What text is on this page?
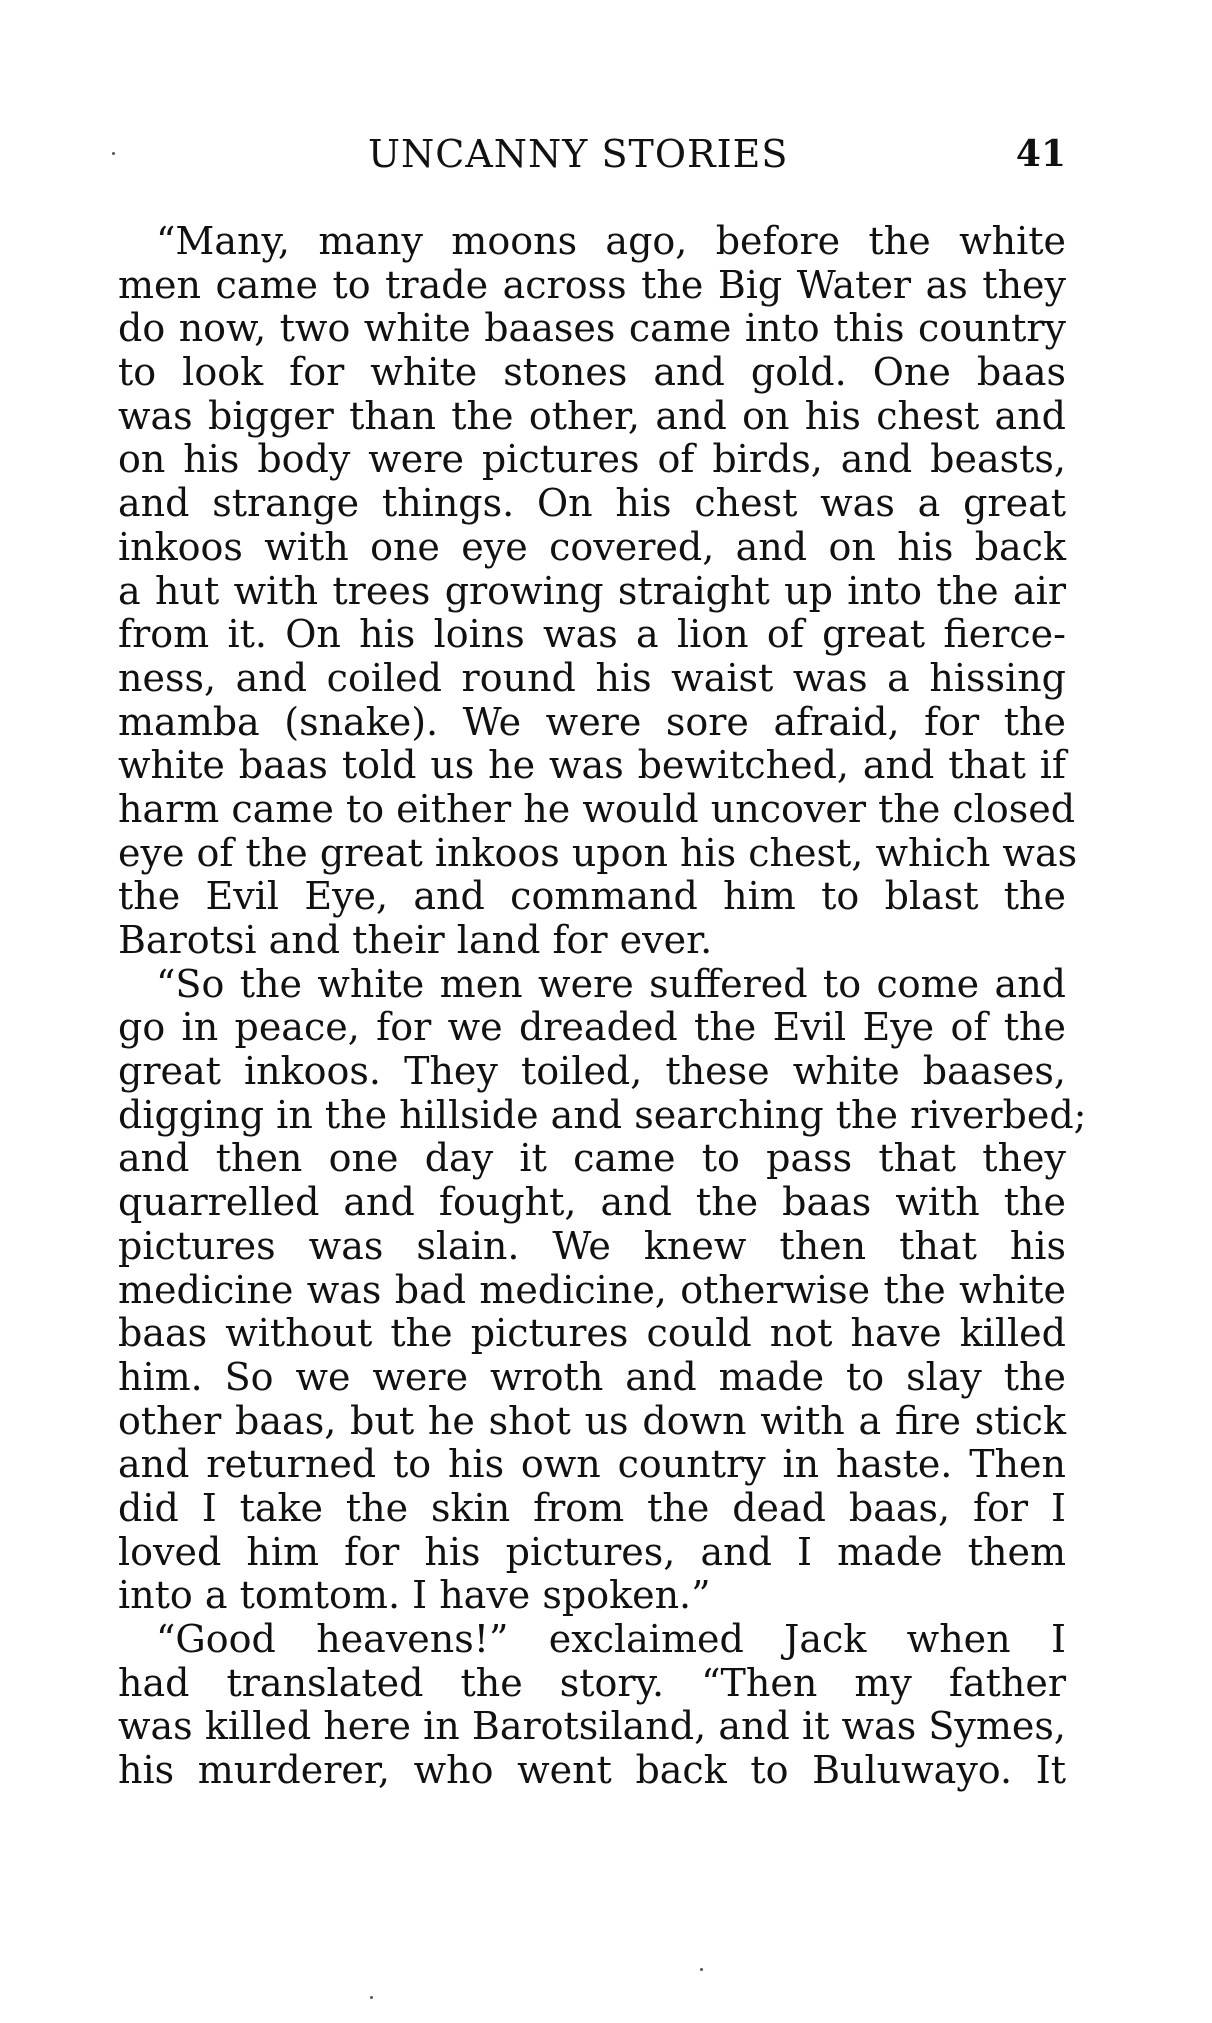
UNCANNY STORIES	41
“Many, many moons ago, before the white
men came to trade across the Big Water as they
do now, two white baases came into this country
to look for white stones and gold. One baas
was bigger than the other, and on his chest and
on his body were pictures of birds, and beasts,
and strange things. On his chest was a great
inkoos with one eye covered, and on his back
a hut with trees growing straight up into the air
from it. On his loins was a lion of great fierce-
ness, and coiled round his waist was a hissing
mamba (snake). We were sore afraid, for the
white baas told us he was bewitched, and that if
harm came to either he would uncover the closed
eye of the great inkoos upon his chest, which was
the Evil Eye, and command him to blast the
Barotsi and their land for ever.
“So the white men were suffered to come and
go in peace, for we dreaded the Evil Eye of the
great inkoos. They toiled, these white baases,
digging in the hillside and searching the riverbed;
and then one day it came to pass that they
quarrelled and fought, and the baas with the
pictures was slain. We knew then that his
medicine was bad medicine, otherwise the white
baas without the pictures could not have killed
him. So we were wroth and made to slay the
other baas, but he shot us down with a fire stick
and returned to his own country in haste. Then
did I take the skin from the dead baas, for I
loved him for his pictures, and I made them
into a tomtom. I have spoken.”
“Good heavens!” exclaimed Jack when I
had translated the story. “Then my father
was killed here in Barotsiland, and it was Symes,
his murderer, who went back to Buluwayo. It
